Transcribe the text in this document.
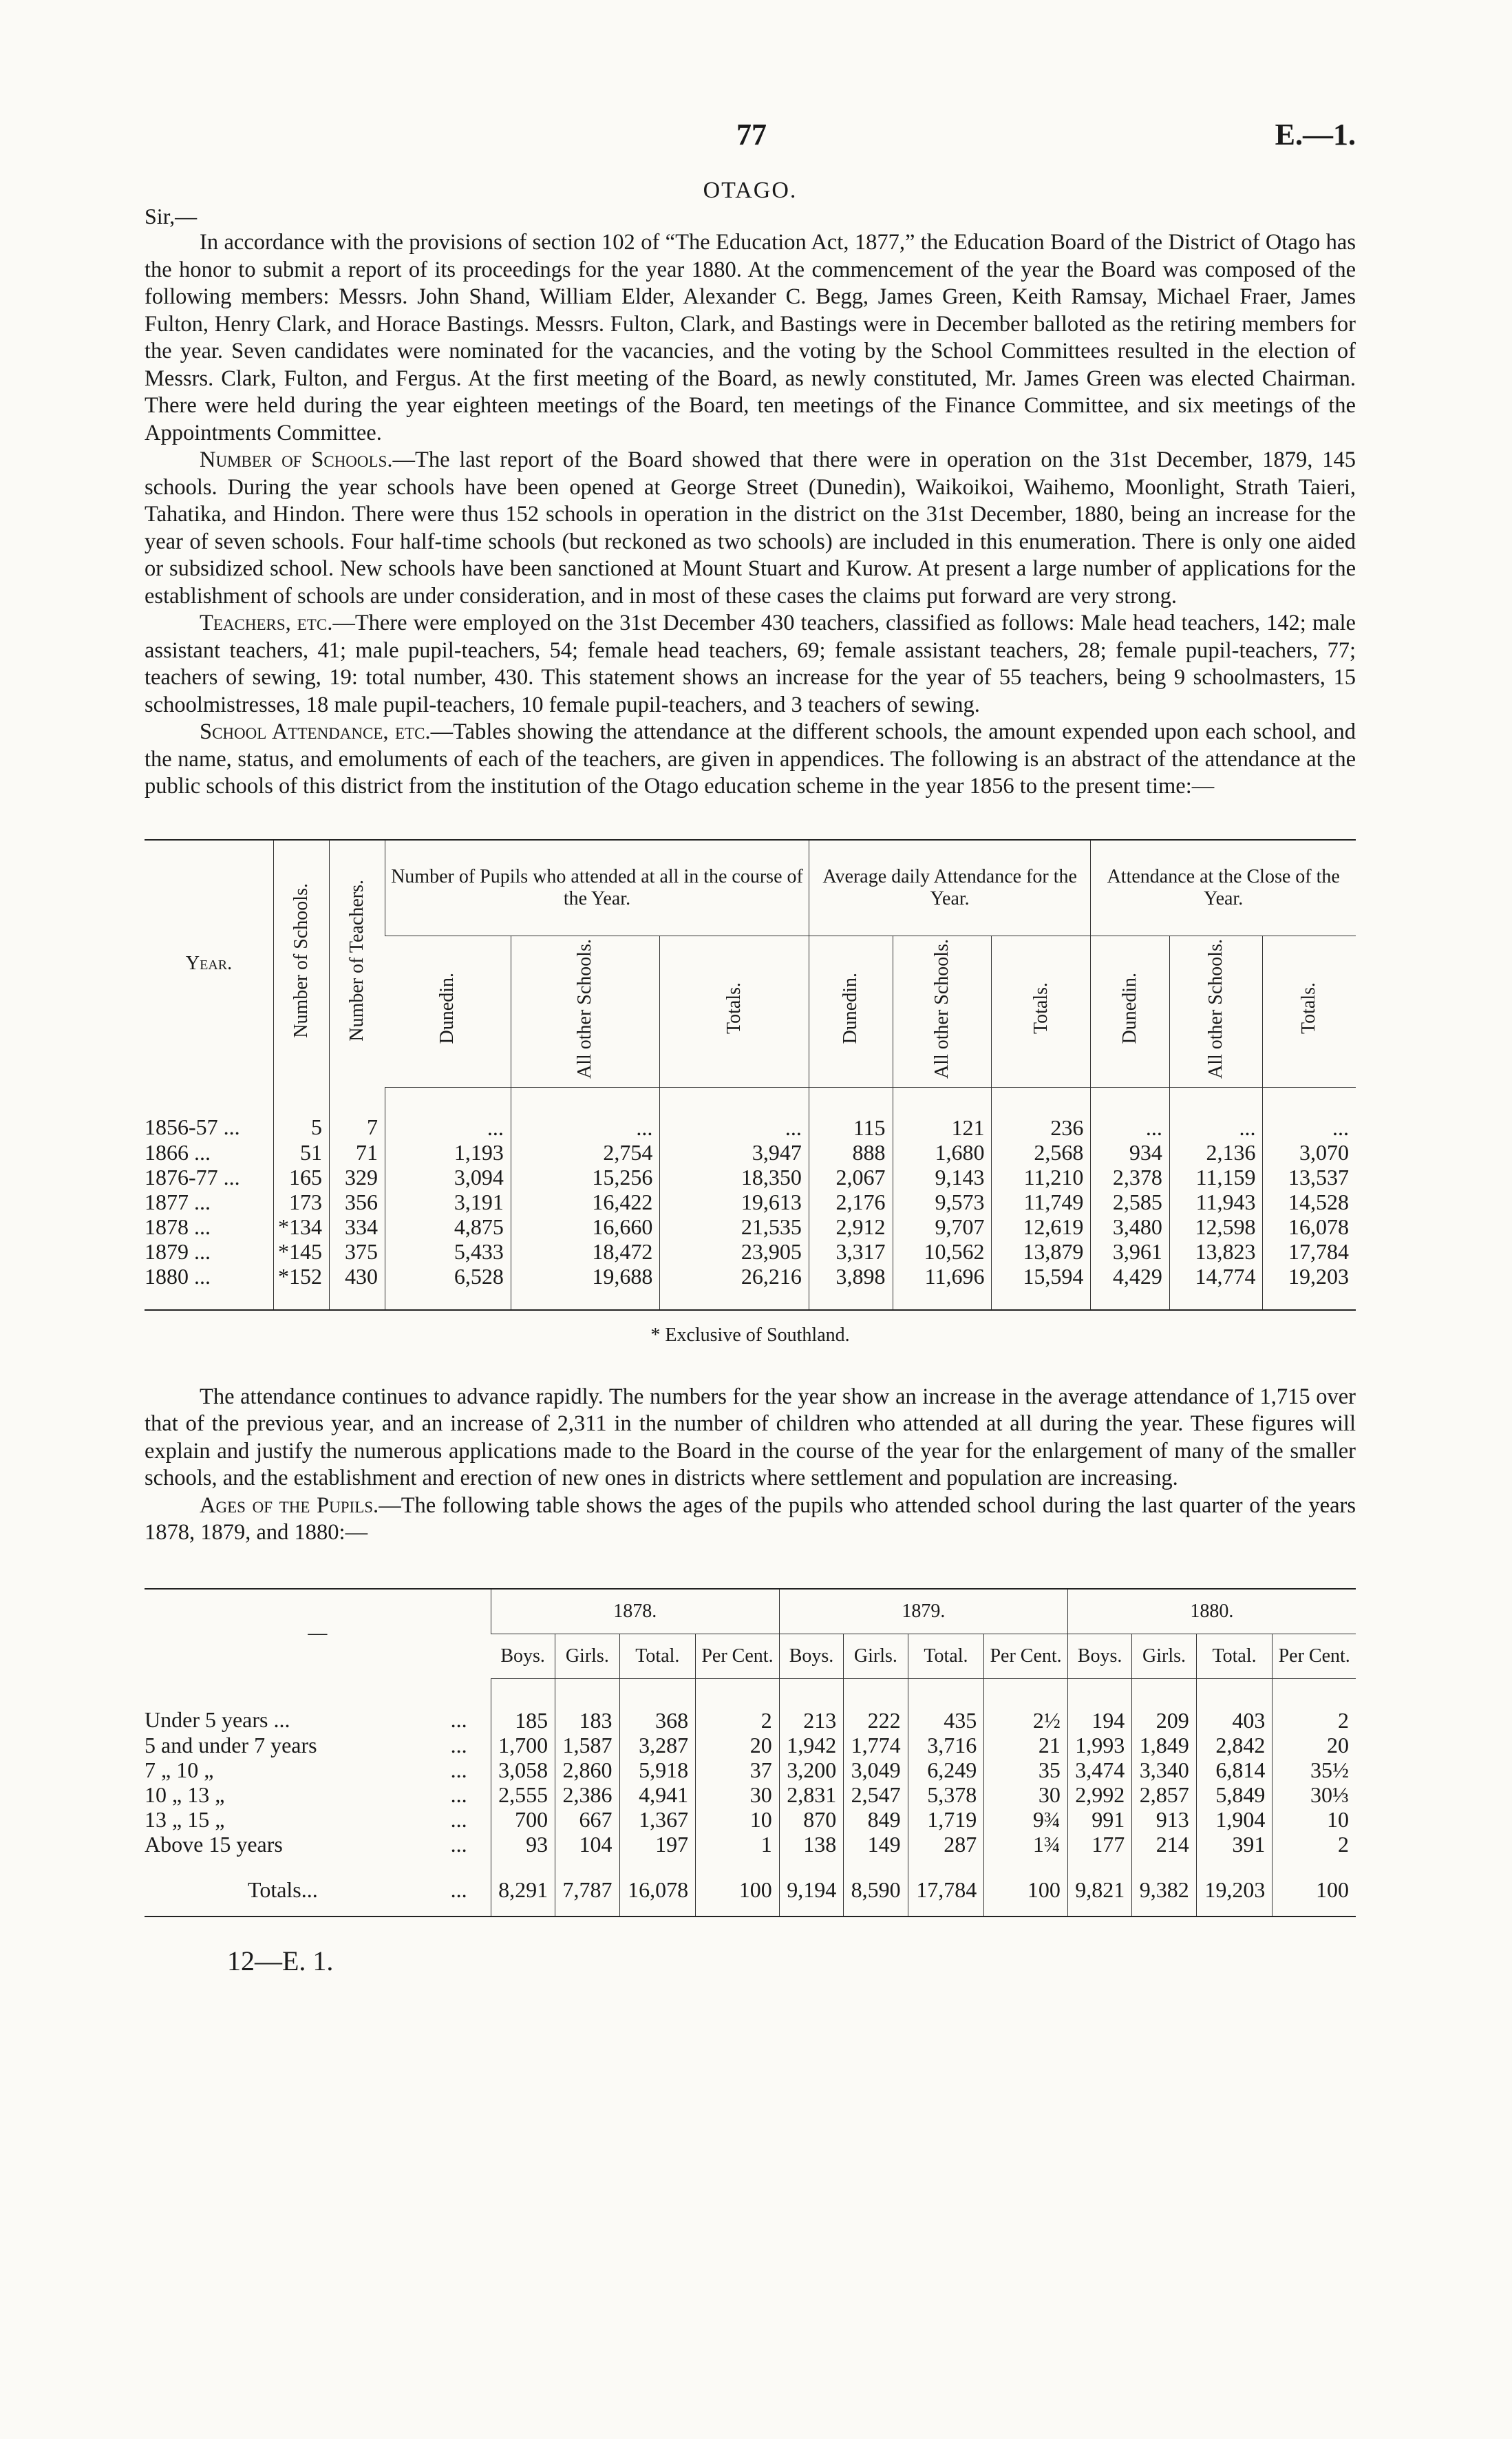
77	E.—1.
OTAGO.
Sir,—

In accordance with the provisions of section 102 of “The Education Act, 1877,” the Education Board of the District of Otago has the honor to submit a report of its proceedings for the year 1880. At the commencement of the year the Board was composed of the following members: Messrs. John Shand, William Elder, Alexander C. Begg, James Green, Keith Ramsay, Michael Fraer, James Fulton, Henry Clark, and Horace Bastings. Messrs. Fulton, Clark, and Bastings were in December balloted as the retiring members for the year. Seven candidates were nominated for the vacancies, and the voting by the School Committees resulted in the election of Messrs. Clark, Fulton, and Fergus. At the first meeting of the Board, as newly constituted, Mr. James Green was elected Chairman. There were held during the year eighteen meetings of the Board, ten meetings of the Finance Committee, and six meetings of the Appointments Committee.

Number of Schools.—The last report of the Board showed that there were in operation on the 31st December, 1879, 145 schools. During the year schools have been opened at George Street (Dunedin), Waikoikoi, Waihemo, Moonlight, Strath Taieri, Tahatika, and Hindon. There were thus 152 schools in operation in the district on the 31st December, 1880, being an increase for the year of seven schools. Four half-time schools (but reckoned as two schools) are included in this enumeration. There is only one aided or subsidized school. New schools have been sanctioned at Mount Stuart and Kurow. At present a large number of applications for the establishment of schools are under consideration, and in most of these cases the claims put forward are very strong.

Teachers, etc.—There were employed on the 31st December 430 teachers, classified as follows: Male head teachers, 142; male assistant teachers, 41; male pupil-teachers, 54; female head teachers, 69; female assistant teachers, 28; female pupil-teachers, 77; teachers of sewing, 19: total number, 430. This statement shows an increase for the year of 55 teachers, being 9 schoolmasters, 15 schoolmistresses, 18 male pupil-teachers, 10 female pupil-teachers, and 3 teachers of sewing.

School Attendance, etc.—Tables showing the attendance at the different schools, the amount expended upon each school, and the name, status, and emoluments of each of the teachers, are given in appendices. The following is an abstract of the attendance at the public schools of this district from the institution of the Otago education scheme in the year 1856 to the present time:—

Year.	Number of Schools.	Number of Teachers.	Number of Pupils who attended at all in the course of the Year.			Average daily Attendance for the Year.			Attendance at the Close of the Year.		
			Dunedin.	All other Schools.	Totals.	Dunedin.	All other Schools.	Totals.	Dunedin.	All other Schools.	Totals.
1856-57 ...	5	7	...	...	...	115	121	236	...	...	...
1866 ...	51	71	1,193	2,754	3,947	888	1,680	2,568	934	2,136	3,070
1876-77 ...	165	329	3,094	15,256	18,350	2,067	9,143	11,210	2,378	11,159	13,537
1877 ...	173	356	3,191	16,422	19,613	2,176	9,573	11,749	2,585	11,943	14,528
1878 ...	*134	334	4,875	16,660	21,535	2,912	9,707	12,619	3,480	12,598	16,078
1879 ...	*145	375	5,433	18,472	23,905	3,317	10,562	13,879	3,961	13,823	17,784
1880 ...	*152	430	6,528	19,688	26,216	3,898	11,696	15,594	4,429	14,774	19,203
* Exclusive of Southland.

The attendance continues to advance rapidly. The numbers for the year show an increase in the average attendance of 1,715 over that of the previous year, and an increase of 2,311 in the number of children who attended at all during the year. These figures will explain and justify the numerous applications made to the Board in the course of the year for the enlargement of many of the smaller schools, and the establishment and erection of new ones in districts where settlement and population are increasing.

Ages of the Pupils.—The following table shows the ages of the pupils who attended school during the last quarter of the years 1878, 1879, and 1880:—

—		1878.				1879.				1880.			
		Boys.	Girls.	Total.	Per Cent.	Boys.	Girls.	Total.	Per Cent.	Boys.	Girls.	Total.	Per Cent.
Under 5 years ...	...	185	183	368	2	213	222	435	2½	194	209	403	2
5 and under 7 years	...	1,700	1,587	3,287	20	1,942	1,774	3,716	21	1,993	1,849	2,842	20
7 „ 10 „	...	3,058	2,860	5,918	37	3,200	3,049	6,249	35	3,474	3,340	6,814	35½
10 „ 13 „	...	2,555	2,386	4,941	30	2,831	2,547	5,378	30	2,992	2,857	5,849	30⅓
13 „ 15 „	...	700	667	1,367	10	870	849	1,719	9¾	991	913	1,904	10
Above 15 years	...	93	104	197	1	138	149	287	1¾	177	214	391	2
Totals...	...	8,291	7,787	16,078	100	9,194	8,590	17,784	100	9,821	9,382	19,203	100
12—E. 1.
